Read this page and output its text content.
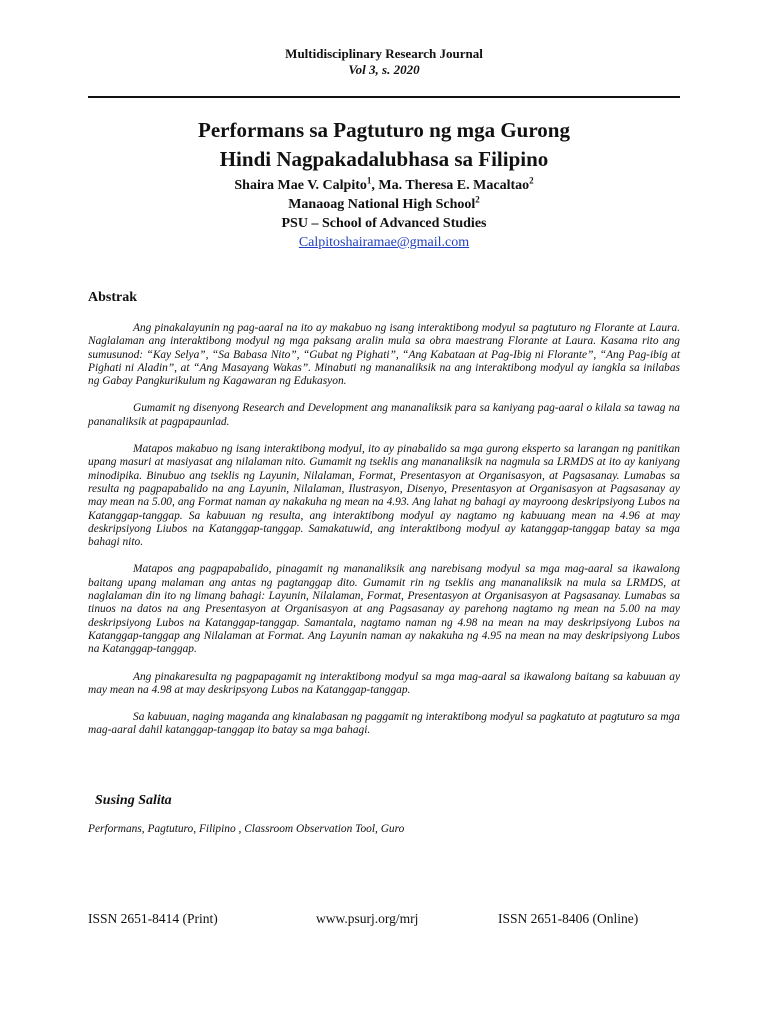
Multidisciplinary Research Journal
Vol 3, s. 2020
Performans sa Pagtuturo ng mga Gurong
Hindi Nagpakadalubhasa sa Filipino
Shaira Mae V. Calpito$^1$, Ma. Theresa E. Macaltao$^2$
Manaoag National High School$^2$
PSU – School of Advanced Studies
Calpitoshairamae@gmail.com
Abstrak

Ang pinakalayunin ng pag-aaral na ito ay makabuo ng isang interaktibong modyul sa pagtuturo ng Florante at Laura. Naglalaman ang interaktibong modyul ng mga paksang aralin mula sa obra maestrang Florante at Laura. Kasama rito ang sumusunod: “Kay Selya”, “Sa Babasa Nito”, “Gubat ng Pighati”, “Ang Kabataan at Pag-Ibig ni Florante”, “Ang Pag-ibig at Pighati ni Aladin”, at “Ang Masayang Wakas”. Minabuti ng mananaliksik na ang interaktibong modyul ay iangkla sa inilabas ng Gabay Pangkurikulum ng Kagawaran ng Edukasyon.

Gumamit ng disenyong Research and Development ang mananaliksik para sa kaniyang pag-aaral o kilala sa tawag na pananaliksik at pagpapaunlad.

Matapos makabuo ng isang interaktibong modyul, ito ay pinabalido sa mga gurong eksperto sa larangan ng panitikan upang masuri at masiyasat ang nilalaman nito. Gumamit ng tseklis ang mananaliksik na nagmula sa LRMDS at ito ay kaniyang minodipika. Binubuo ang tseklis ng Layunin, Nilalaman, Format, Presentasyon at Organisasyon, at Pagsasanay. Lumabas sa resulta ng pagpapabalido na ang Layunin, Nilalaman, Ilustrasyon, Disenyo, Presentasyon at Organisasyon at Pagsasanay ay may mean na 5.00, ang Format naman ay nakakuha ng mean na 4.93. Ang lahat ng bahagi ay mayroong deskripsiyong Lubos na Katanggap-tanggap. Sa kabuuan ng resulta, ang interaktibong modyul ay nagtamo ng kabuuang mean na 4.96 at may deskripsiyong Liubos na Katanggap-tanggap. Samakatuwid, ang interaktibong modyul ay katanggap-tanggap batay sa mga bahagi nito.

Matapos ang pagpapabalido, pinagamit ng mananaliksik ang narebisang modyul sa mga mag-aaral sa ikawalong baitang upang malaman ang antas ng pagtanggap dito. Gumamit rin ng tseklis ang mananaliksik na mula sa LRMDS, at naglalaman din ito ng limang bahagi: Layunin, Nilalaman, Format, Presentasyon at Organisasyon at Pagsasanay. Lumabas sa tinuos na datos na ang Presentasyon at Organisasyon at ang Pagsasanay ay parehong nagtamo ng mean na 5.00 na may deskripsiyong Lubos na Katanggap-tanggap. Samantala, nagtamo naman ng 4.98 na mean na may deskripsiyong Lubos na Katanggap-tanggap ang Nilalaman at Format. Ang Layunin naman ay nakakuha ng 4.95 na mean na may deskripsiyong Lubos na Katanggap-tanggap.

Ang pinakaresulta ng pagpapagamit ng interaktibong modyul sa mga mag-aaral sa ikawalong baitang sa kabuuan ay may mean na 4.98 at may deskripsyong Lubos na Katanggap-tanggap.

Sa kabuuan, naging maganda ang kinalabasan ng paggamit ng interaktibong modyul sa pagkatuto at pagtuturo sa mga mag-aaral dahil katanggap-tanggap ito batay sa mga bahagi.

Susing Salita
Performans, Pagtuturo, Filipino , Classroom Observation Tool, Guro
ISSN 2651-8414 (Print)	www.psurj.org/mrj	ISSN 2651-8406 (Online)
